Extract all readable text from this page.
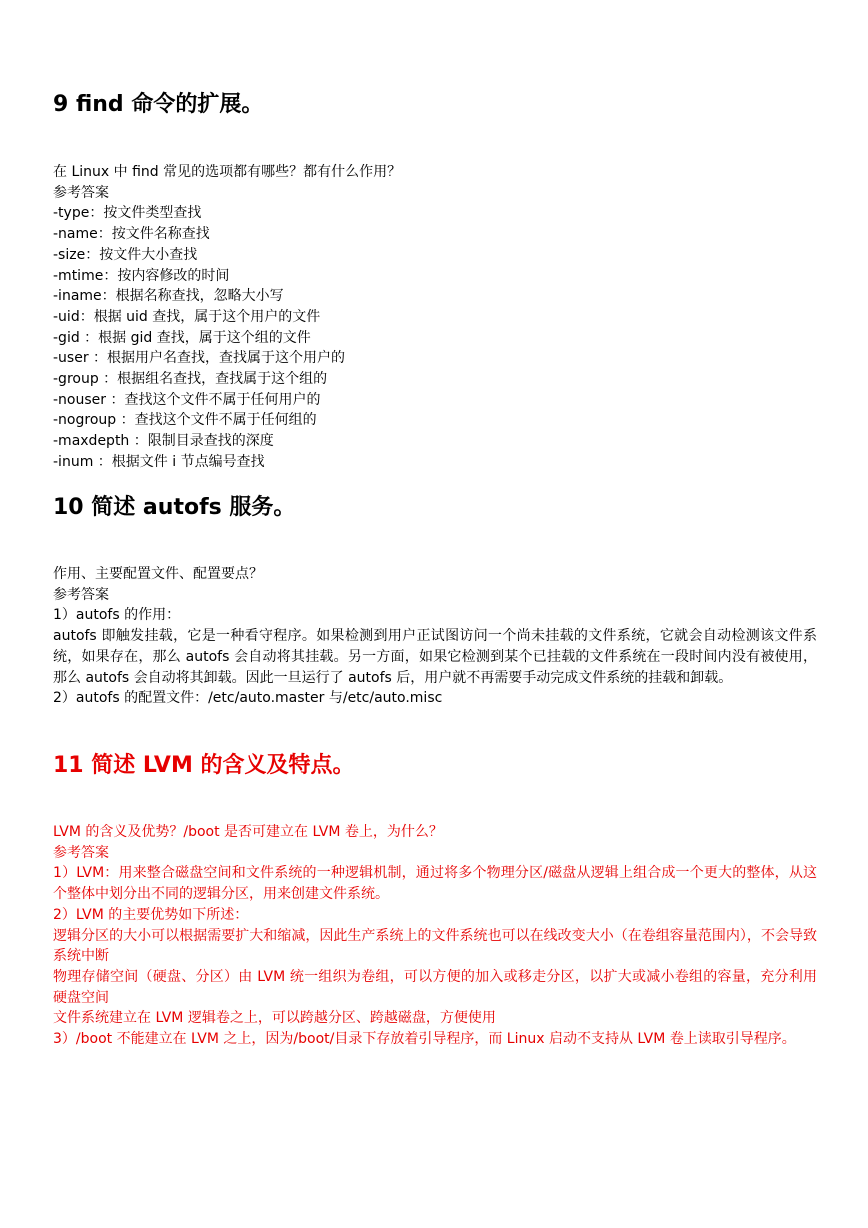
9 find 命令的扩展。

在 Linux 中 find 常见的选项都有哪些？都有什么作用？

参考答案

-type：按文件类型查找

-name：按文件名称查找

-size：按文件大小查找

-mtime：按内容修改的时间

-iname：根据名称查找，忽略大小写

-uid：根据 uid 查找，属于这个用户的文件

-gid ：根据 gid 查找，属于这个组的文件

-user ：根据用户名查找，查找属于这个用户的

-group ：根据组名查找，查找属于这个组的

-nouser ：查找这个文件不属于任何用户的

-nogroup ：查找这个文件不属于任何组的

-maxdepth ：限制目录查找的深度

-inum ：根据文件 i 节点编号查找

10 简述 autofs 服务。

作用、主要配置文件、配置要点？

参考答案

1）autofs 的作用：

autofs 即触发挂载，它是一种看守程序。如果检测到用户正试图访问一个尚未挂载的文件系统，它就会自动检测该文件系统，如果存在，那么 autofs 会自动将其挂载。另一方面，如果它检测到某个已挂载的文件系统在一段时间内没有被使用，那么 autofs 会自动将其卸载。因此一旦运行了 autofs 后，用户就不再需要手动完成文件系统的挂载和卸载。

2）autofs 的配置文件：/etc/auto.master 与/etc/auto.misc

11 简述 LVM 的含义及特点。

LVM 的含义及优势？/boot 是否可建立在 LVM 卷上，为什么？

参考答案

1）LVM：用来整合磁盘空间和文件系统的一种逻辑机制，通过将多个物理分区/磁盘从逻辑上组合成一个更大的整体，从这个整体中划分出不同的逻辑分区，用来创建文件系统。

2）LVM 的主要优势如下所述：

逻辑分区的大小可以根据需要扩大和缩减，因此生产系统上的文件系统也可以在线改变大小（在卷组容量范围内），不会导致系统中断

物理存储空间（硬盘、分区）由 LVM 统一组织为卷组，可以方便的加入或移走分区，以扩大或减小卷组的容量，充分利用硬盘空间

文件系统建立在 LVM 逻辑卷之上，可以跨越分区、跨越磁盘，方便使用

3）/boot 不能建立在 LVM 之上，因为/boot/目录下存放着引导程序，而 Linux 启动不支持从 LVM 卷上读取引导程序。
